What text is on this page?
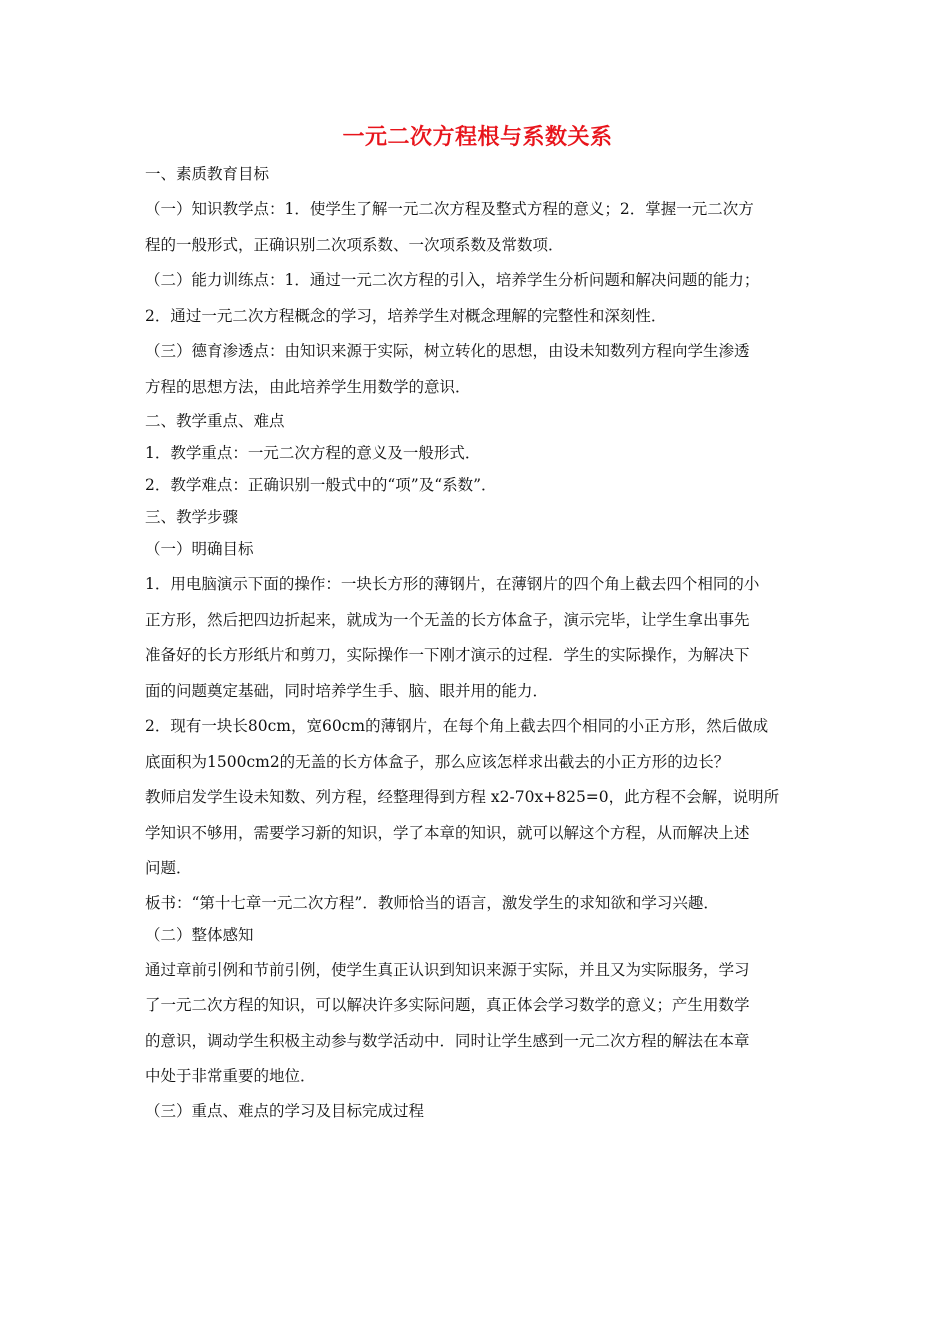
一元二次方程根与系数关系

一、素质教育目标

（一）知识教学点：1．使学生了解一元二次方程及整式方程的意义；2．掌握一元二次方

程的一般形式，正确识别二次项系数、一次项系数及常数项．

（二）能力训练点：1．通过一元二次方程的引入，培养学生分析问题和解决问题的能力；

2．通过一元二次方程概念的学习，培养学生对概念理解的完整性和深刻性．

（三）德育渗透点：由知识来源于实际，树立转化的思想，由设未知数列方程向学生渗透

方程的思想方法，由此培养学生用数学的意识．

二、教学重点、难点

1．教学重点：一元二次方程的意义及一般形式．

2．教学难点：正确识别一般式中的“项”及“系数”．

三、教学步骤

（一）明确目标

1．用电脑演示下面的操作：一块长方形的薄钢片，在薄钢片的四个角上截去四个相同的小

正方形，然后把四边折起来，就成为一个无盖的长方体盒子，演示完毕，让学生拿出事先

准备好的长方形纸片和剪刀，实际操作一下刚才演示的过程．学生的实际操作，为解决下

面的问题奠定基础，同时培养学生手、脑、眼并用的能力．

2．现有一块长80cm，宽60cm的薄钢片，在每个角上截去四个相同的小正方形，然后做成

底面积为1500cm2的无盖的长方体盒子，那么应该怎样求出截去的小正方形的边长？

教师启发学生设未知数、列方程，经整理得到方程 x2-70x+825=0，此方程不会解，说明所

学知识不够用，需要学习新的知识，学了本章的知识，就可以解这个方程，从而解决上述

问题．

板书：“第十七章一元二次方程”．教师恰当的语言，激发学生的求知欲和学习兴趣．

（二）整体感知

通过章前引例和节前引例，使学生真正认识到知识来源于实际，并且又为实际服务，学习

了一元二次方程的知识，可以解决许多实际问题，真正体会学习数学的意义；产生用数学

的意识，调动学生积极主动参与数学活动中．同时让学生感到一元二次方程的解法在本章

中处于非常重要的地位．

（三）重点、难点的学习及目标完成过程
